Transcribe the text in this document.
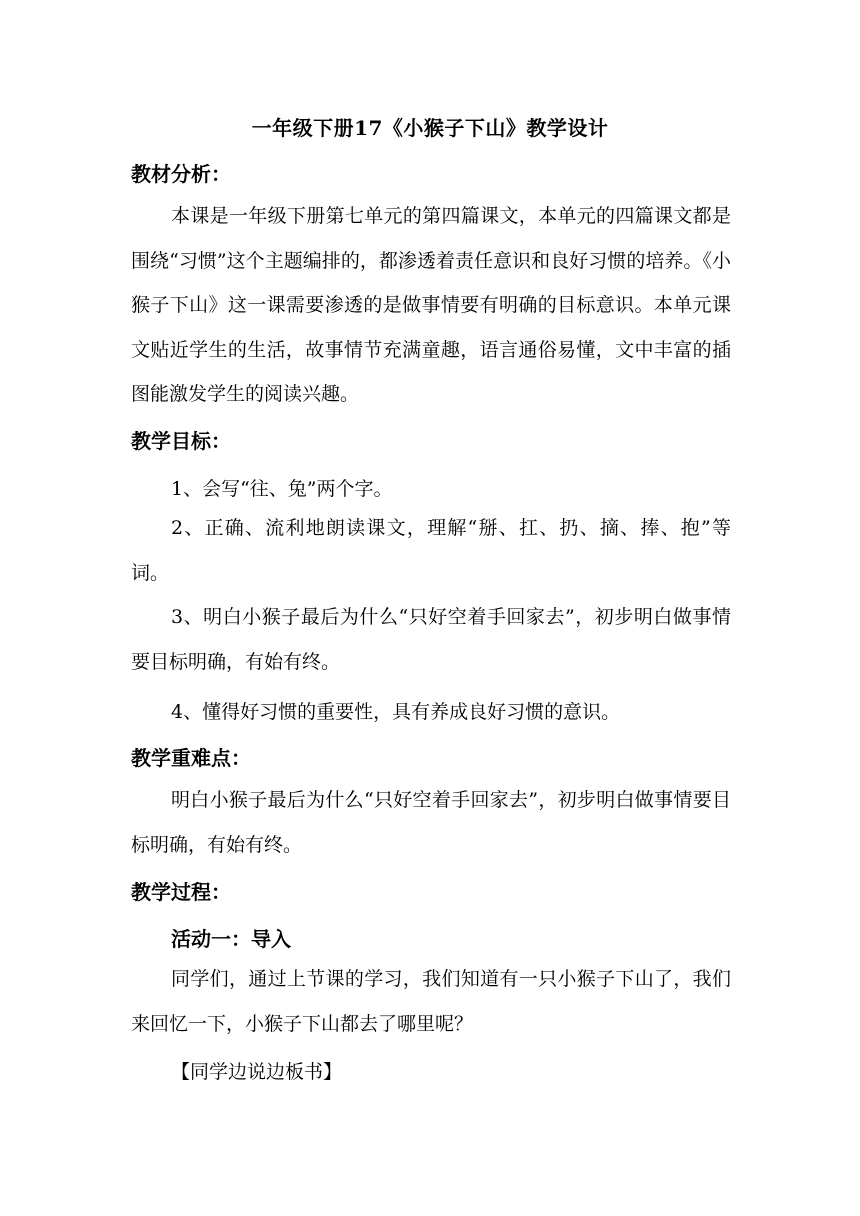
一年级下册17《小猴子下山》教学设计
教材分析：
本课是一年级下册第七单元的第四篇课文，本单元的四篇课文都是围绕“习惯”这个主题编排的，都渗透着责任意识和良好习惯的培养。《小猴子下山》这一课需要渗透的是做事情要有明确的目标意识。本单元课文贴近学生的生活，故事情节充满童趣，语言通俗易懂，文中丰富的插图能激发学生的阅读兴趣。
教学目标：
1、会写“往、兔”两个字。
2、正确、流利地朗读课文，理解“掰、扛、扔、摘、捧、抱”等词。
3、明白小猴子最后为什么“只好空着手回家去”，初步明白做事情要目标明确，有始有终。
4、懂得好习惯的重要性，具有养成良好习惯的意识。
教学重难点：
明白小猴子最后为什么“只好空着手回家去”，初步明白做事情要目标明确，有始有终。
教学过程：
活动一：导入
同学们，通过上节课的学习，我们知道有一只小猴子下山了，我们来回忆一下，小猴子下山都去了哪里呢？
【同学边说边板书】
